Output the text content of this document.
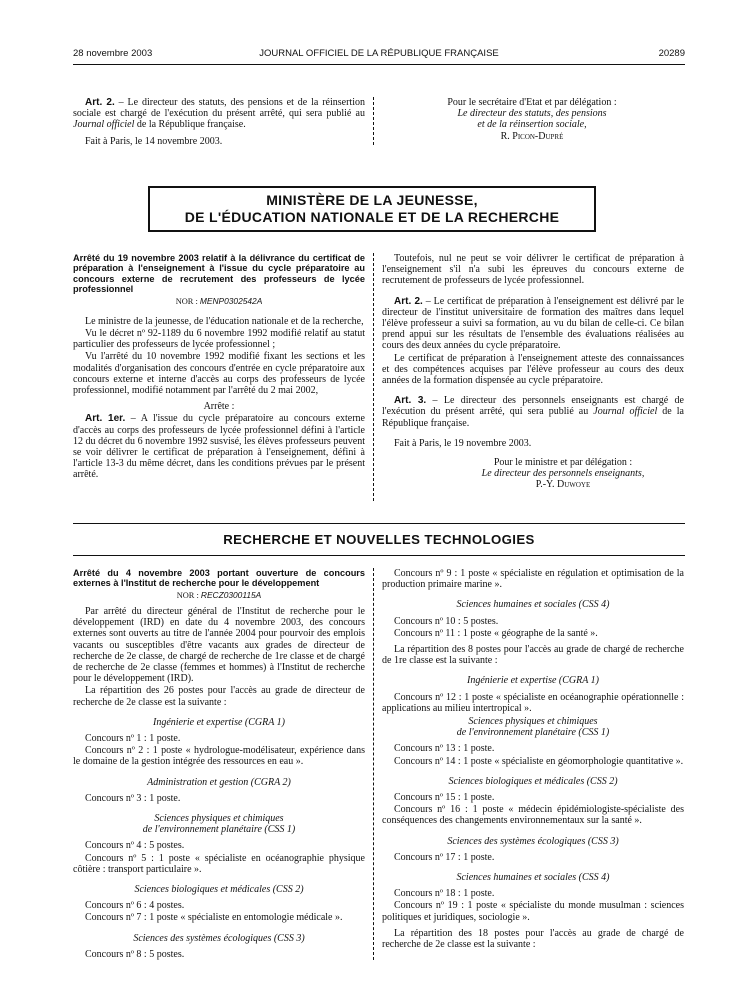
28 novembre 2003	JOURNAL OFFICIEL DE LA RÉPUBLIQUE FRANÇAISE	20289

Art. 2. – Le directeur des statuts, des pensions et de la réinsertion sociale est chargé de l'exécution du présent arrêté, qui sera publié au Journal officiel de la République française.

Fait à Paris, le 14 novembre 2003.

Pour le secrétaire d'Etat et par délégation :

Le directeur des statuts, des pensions

et de la réinsertion sociale,

R. Picon-Dupré

MINISTÈRE DE LA JEUNESSE,

DE L'ÉDUCATION NATIONALE ET DE LA RECHERCHE

Arrêté du 19 novembre 2003 relatif à la délivrance du certificat de préparation à l'enseignement à l'issue du cycle préparatoire au concours externe de recrutement des professeurs de lycée professionnel

NOR : MENP0302542A

Le ministre de la jeunesse, de l'éducation nationale et de la recherche,

Vu le décret nº 92-1189 du 6 novembre 1992 modifié relatif au statut particulier des professeurs de lycée professionnel ;

Vu l'arrêté du 10 novembre 1992 modifié fixant les sections et les modalités d'organisation des concours d'entrée en cycle préparatoire aux concours externe et interne d'accès au corps des professeurs de lycée professionnel, modifié notamment par l'arrêté du 2 mai 2002,

Arrête :

Art. 1er. – A l'issue du cycle préparatoire au concours externe d'accès au corps des professeurs de lycée professionnel défini à l'article 12 du décret du 6 novembre 1992 susvisé, les élèves professeurs peuvent se voir délivrer le certificat de préparation à l'enseignement, défini à l'article 13-3 du même décret, dans les conditions prévues par le présent arrêté.

Toutefois, nul ne peut se voir délivrer le certificat de préparation à l'enseignement s'il n'a subi les épreuves du concours externe de recrutement de professeurs de lycée professionnel.

Art. 2. – Le certificat de préparation à l'enseignement est délivré par le directeur de l'institut universitaire de formation des maîtres dans lequel l'élève professeur a suivi sa formation, au vu du bilan de celle-ci. Ce bilan prend appui sur les résultats de l'ensemble des évaluations réalisées au cours des deux années du cycle préparatoire.

Le certificat de préparation à l'enseignement atteste des connaissances et des compétences acquises par l'élève professeur au cours des deux années de la formation dispensée au cycle préparatoire.

Art. 3. – Le directeur des personnels enseignants est chargé de l'exécution du présent arrêté, qui sera publié au Journal officiel de la République française.

Fait à Paris, le 19 novembre 2003.

Pour le ministre et par délégation :

Le directeur des personnels enseignants,

P.-Y. Duwoye

RECHERCHE ET NOUVELLES TECHNOLOGIES

Arrêté du 4 novembre 2003 portant ouverture de concours externes à l'Institut de recherche pour le développement

NOR : RECZ0300115A

Par arrêté du directeur général de l'Institut de recherche pour le développement (IRD) en date du 4 novembre 2003, des concours externes sont ouverts au titre de l'année 2004 pour pourvoir des emplois vacants ou susceptibles d'être vacants aux grades de directeur de recherche de 2e classe, de chargé de recherche de 1re classe et de chargé de recherche de 2e classe (femmes et hommes) à l'Institut de recherche pour le développement (IRD).

La répartition des 26 postes pour l'accès au grade de directeur de recherche de 2e classe est la suivante :

Ingénierie et expertise (CGRA 1)

Concours nº 1 : 1 poste.

Concours nº 2 : 1 poste « hydrologue-modélisateur, expérience dans le domaine de la gestion intégrée des ressources en eau ».

Administration et gestion (CGRA 2)

Concours nº 3 : 1 poste.

Sciences physiques et chimiques

de l'environnement planétaire (CSS 1)

Concours nº 4 : 5 postes.

Concours nº 5 : 1 poste « spécialiste en océanographie physique côtière : transport particulaire ».

Sciences biologiques et médicales (CSS 2)

Concours nº 6 : 4 postes.

Concours nº 7 : 1 poste « spécialiste en entomologie médicale ».

Sciences des systèmes écologiques (CSS 3)

Concours nº 8 : 5 postes.

Concours nº 9 : 1 poste « spécialiste en régulation et optimisation de la production primaire marine ».

Sciences humaines et sociales (CSS 4)

Concours nº 10 : 5 postes.

Concours nº 11 : 1 poste « géographe de la santé ».

La répartition des 8 postes pour l'accès au grade de chargé de recherche de 1re classe est la suivante :

Ingénierie et expertise (CGRA 1)

Concours nº 12 : 1 poste « spécialiste en océanographie opérationnelle : applications au milieu intertropical ».

Sciences physiques et chimiques

de l'environnement planétaire (CSS 1)

Concours nº 13 : 1 poste.

Concours nº 14 : 1 poste « spécialiste en géomorphologie quantitative ».

Sciences biologiques et médicales (CSS 2)

Concours nº 15 : 1 poste.

Concours nº 16 : 1 poste « médecin épidémiologiste-spécialiste des conséquences des changements environnementaux sur la santé ».

Sciences des systèmes écologiques (CSS 3)

Concours nº 17 : 1 poste.

Sciences humaines et sociales (CSS 4)

Concours nº 18 : 1 poste.

Concours nº 19 : 1 poste « spécialiste du monde musulman : sciences politiques et juridiques, sociologie ».

La répartition des 18 postes pour l'accès au grade de chargé de recherche de 2e classe est la suivante :
